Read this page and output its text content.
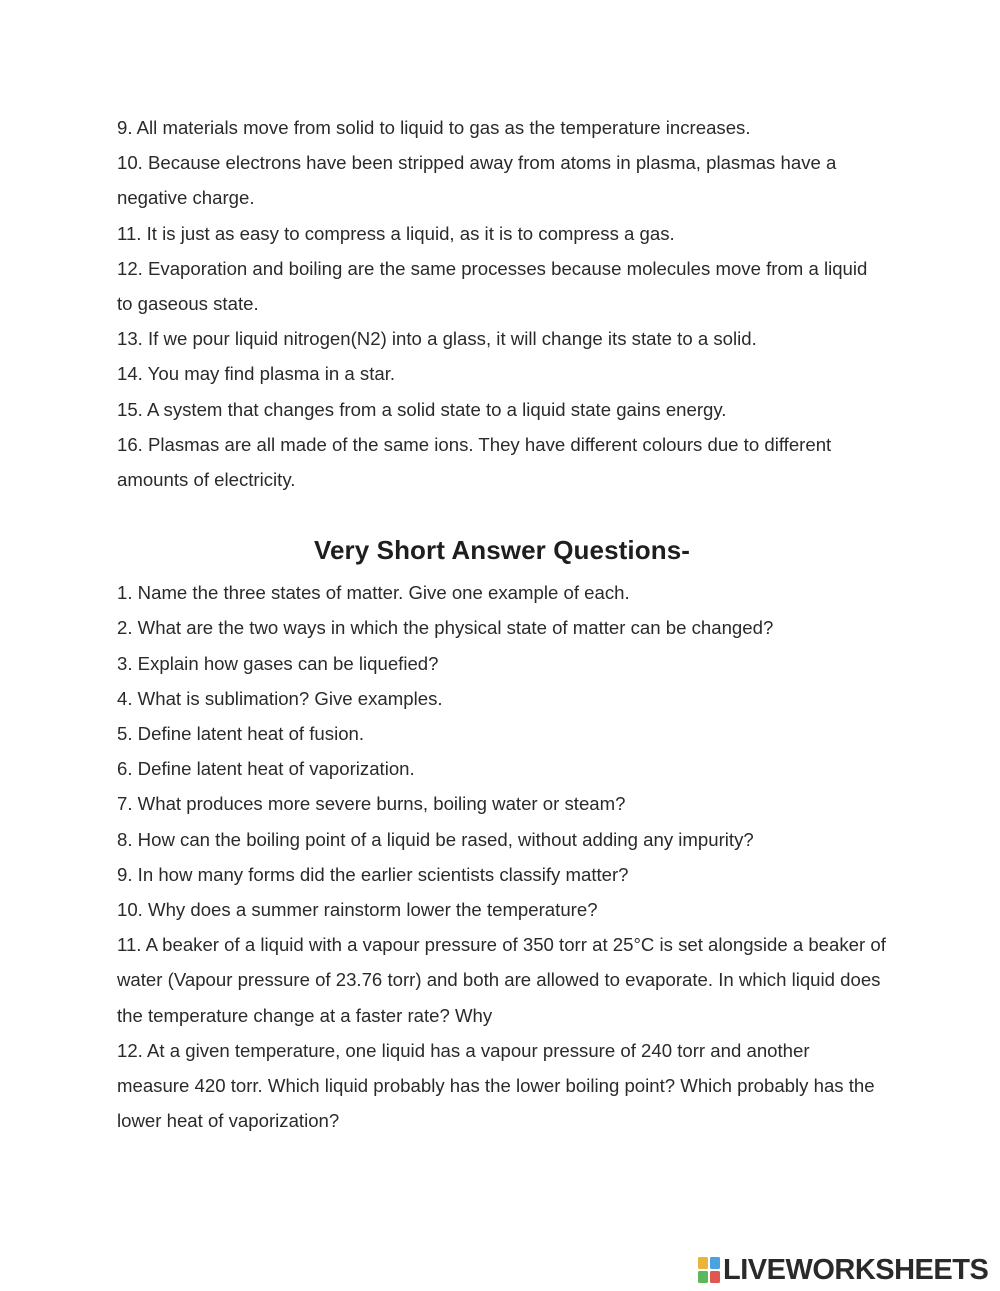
9. All materials move from solid to liquid to gas as the temperature increases.

10. Because electrons have been stripped away from atoms in plasma, plasmas have a negative charge.

11. It is just as easy to compress a liquid, as it is to compress a gas.

12. Evaporation and boiling are the same processes because molecules move from a liquid to gaseous state.

13. If we pour liquid nitrogen(N2) into a glass, it will change its state to a solid.

14. You may find plasma in a star.

15. A system that changes from a solid state to a liquid state gains energy.

16. Plasmas are all made of the same ions. They have different colours due to different amounts of electricity.

Very Short Answer Questions-

1. Name the three states of matter. Give one example of each.

2. What are the two ways in which the physical state of matter can be changed?

3. Explain how gases can be liquefied?

4. What is sublimation? Give examples.

5. Define latent heat of fusion.

6. Define latent heat of vaporization.

7. What produces more severe burns, boiling water or steam?

8. How can the boiling point of a liquid be rased, without adding any impurity?

9. In how many forms did the earlier scientists classify matter?

10. Why does a summer rainstorm lower the temperature?

11. A beaker of a liquid with a vapour pressure of 350 torr at 25°C is set alongside a beaker of water (Vapour pressure of 23.76 torr) and both are allowed to evaporate. In which liquid does the temperature change at a faster rate? Why

12. At a given temperature, one liquid has a vapour pressure of 240 torr and another measure 420 torr. Which liquid probably has the lower boiling point? Which probably has the lower heat of vaporization?

LIVEWORKSHEETS
